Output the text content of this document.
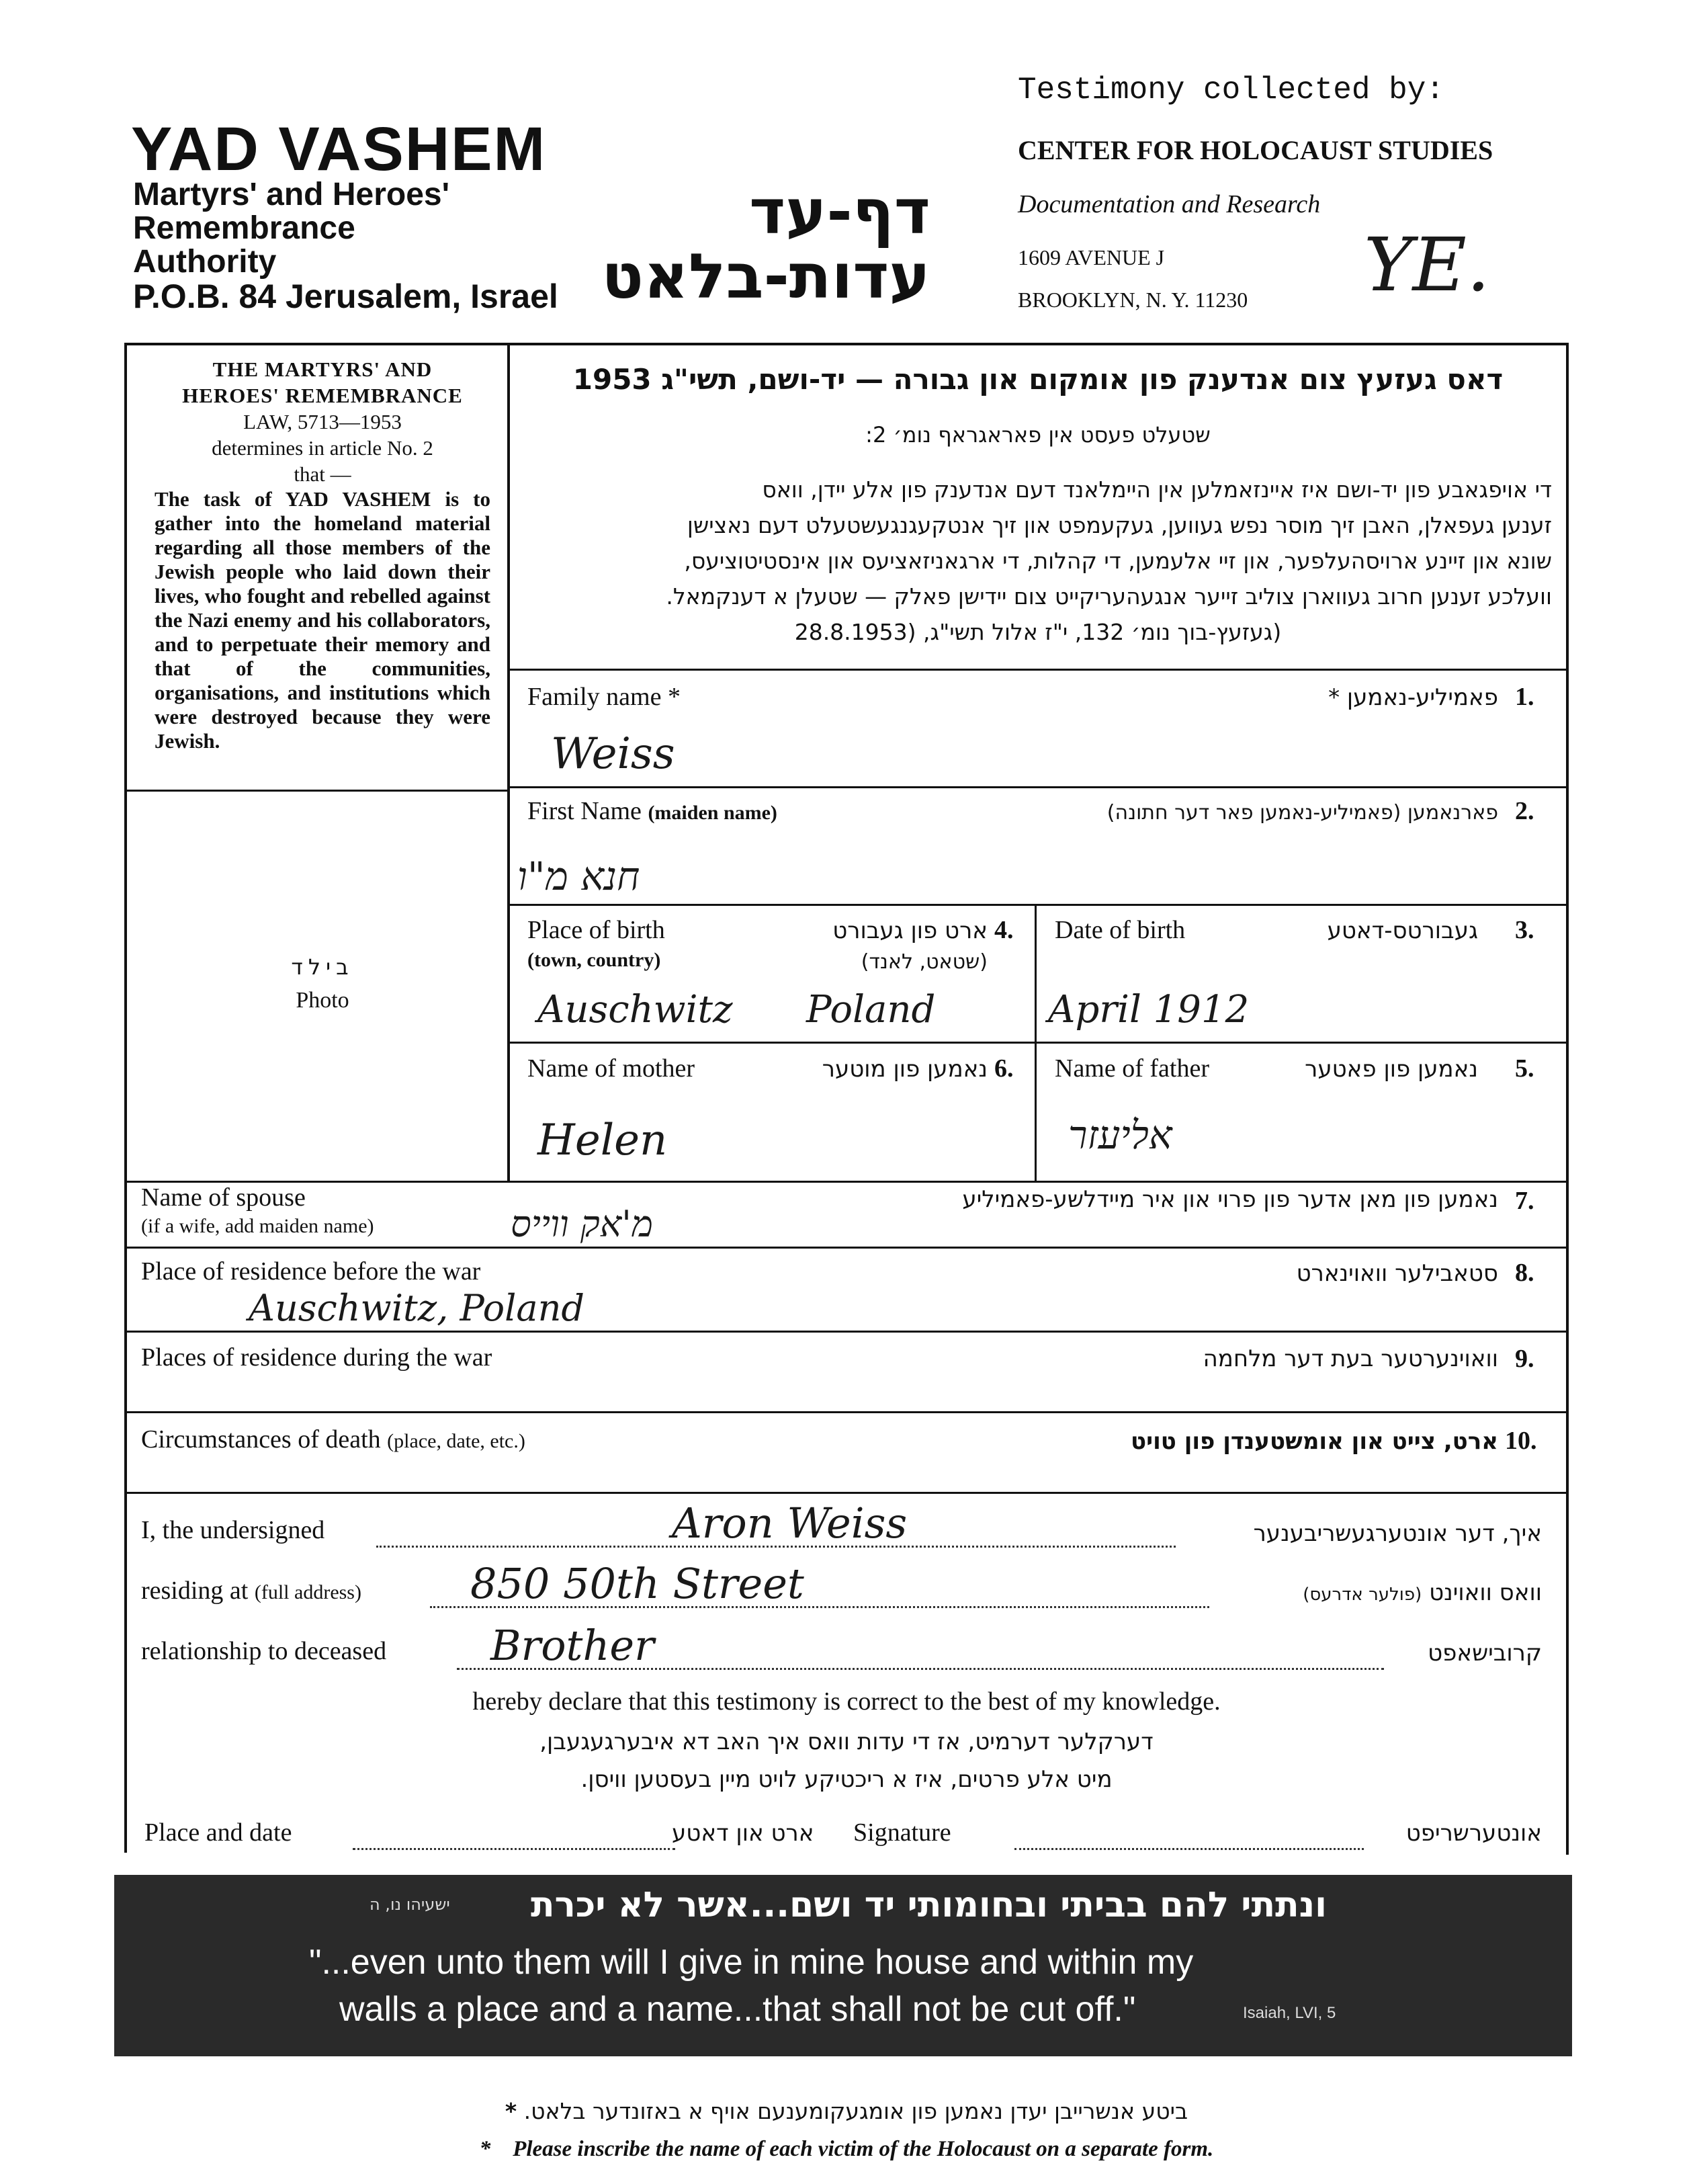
YAD VASHEM
Martyrs' and Heroes'
Remembrance
Authority
P.O.B. 84 Jerusalem, Israel
דף-עד
עדות-בלאט
Testimony collected by:
CENTER FOR HOLOCAUST STUDIES
Documentation and Research
1609 AVENUE J
BROOKLYN, N. Y. 11230 YE.
THE MARTYRS' AND
HEROES' REMEMBRANCE
LAW, 5713—1953
determines in article No. 2
that —
The task of YAD VASHEM is to gather into the homeland material regarding all those members of the Jewish people who laid down their lives, who fought and rebelled against the Nazi enemy and his collaborators, and to perpetuate their memory and that of the communities, organisations, and institutions which were destroyed because they were Jewish.
בילד
Photo
דאס געזעץ צום אנדענק פון אומקום און גבורה — יד-ושם, תשי"ג 1953
שטעלט פעסט אין פאראגראף נומ׳ 2:
די אויפגאבע פון יד-ושם איז איינזאמלען אין היימלאנד דעם אנדענק פון אלע יידן, וואס
זענען געפאלן, האבן זיך מוסר נפש געווען, געקעמפט און זיך אנטקעגנגעשטעלט דעם נאצישן
שונא און זיינע ארויסהעלפער, און זיי אלעמען, די קהלות, די ארגאניזאציעס און אינסטיטוציעס,
וועלכע זענען חרוב געווארן צוליב זייער אנגעהעריקייט צום יידישן פאלק — שטעלן א דענקמאל.
(געזעץ-בוך נומ׳ 132, י"ז אלול תשי"ג, (28.8.1953
Family name *	פאמיליע-נאמען * 1.
Weiss
First Name (maiden name)	פארנאמען (פאמיליע-נאמען פאר דער חתונה) 2.
חנא מ"ו
Place of birth
(town, country)
ארט פון געבורט
(שטאט, לאנד)
4.
Auschwitz Poland
Date of birth	געבורטס-דאטע 3.
April 1912
Name of mother	נאמען פון מוטער 6.
Helen
Name of father	נאמען פון פאטער 5.
אליעזר
Name of spouse
(if a wife, add maiden name)
נאמען פון מאן אדער פון פרוי און איר מיידלשע-פאמיליע 7.
מ'אק ווייס
Place of residence before the war	סטאבילער וואוינארט 8.
Auschwitz, Poland
Places of residence during the war	וואוינערטער בעת דער מלחמה 9.
Circumstances of death (place, date, etc.)	ארט, צייט און אומשטענדן פון טויט 10.
I, the undersigned	Aron Weiss	איך, דער אונטערגעשריבענער
residing at (full address)	850 50th Street	וואס וואוינט (פולער אדרעס)
relationship to deceased Brother	קרובישאפט
hereby declare that this testimony is correct to the best of my knowledge.
דערקלער דערמיט, אז די עדות וואס איך האב דא איבערגעגעבן,
מיט אלע פרטים, איז א ריכטיקע לויט מיין בעסטען וויסן.
Place and date	ארט און דאטע	Signature	אונטערשריפט
ישעיהו נו, ה	ונתתי להם בביתי ובחומותי יד ושם...אשר לא יכרת
"...even unto them will I give in mine house and within my
walls a place and a name...that shall not be cut off."	Isaiah, LVI, 5
ביטע אנשרייבן יעדן נאמען פון אומגעקומענעם אויף א באזונדער בלאט. *
*    Please inscribe the name of each victim of the Holocaust on a separate form.
